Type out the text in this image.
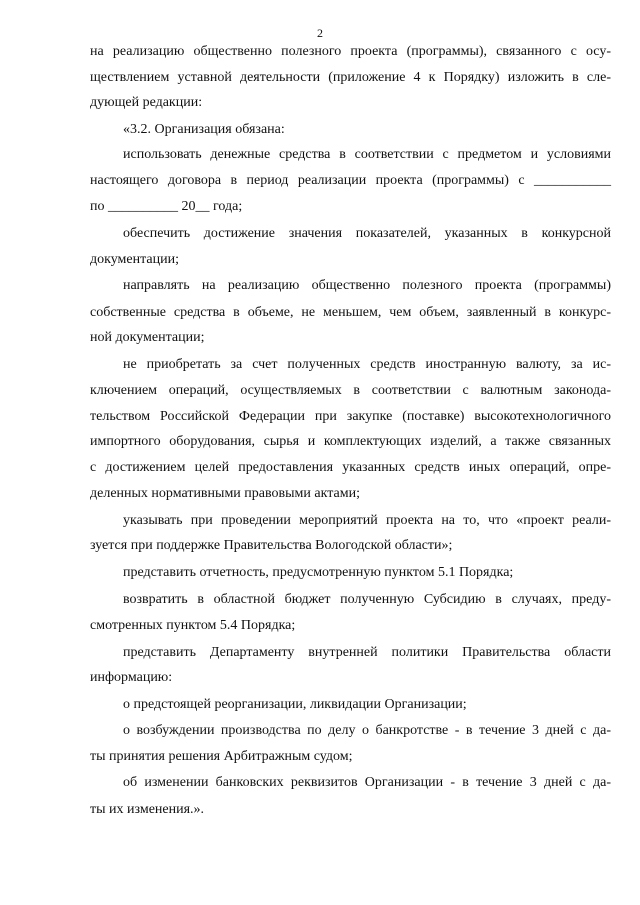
2
на реализацию общественно полезного проекта (программы), связанного с осу-
ществлением уставной деятельности (приложение 4 к Порядку) изложить в сле-
дующей редакции:
«3.2. Организация обязана:
использовать денежные средства в соответствии с предметом и условиями
настоящего договора в период реализации проекта (программы) с ___________
по __________ 20__ года;
обеспечить достижение значения показателей, указанных в конкурсной
документации;
направлять на реализацию общественно полезного проекта (программы)
собственные средства в объеме, не меньшем, чем объем, заявленный в конкурс-
ной документации;
не приобретать за счет полученных средств иностранную валюту, за ис-
ключением операций, осуществляемых в соответствии с валютным законода-
тельством Российской Федерации при закупке (поставке) высокотехнологичного
импортного оборудования, сырья и комплектующих изделий, а также связанных
с достижением целей предоставления указанных средств иных операций, опре-
деленных нормативными правовыми актами;
указывать при проведении мероприятий проекта на то, что «проект реали-
зуется при поддержке Правительства Вологодской области»;
представить отчетность, предусмотренную пунктом 5.1 Порядка;
возвратить в областной бюджет полученную Субсидию в случаях, преду-
смотренных пунктом 5.4 Порядка;
представить Департаменту внутренней политики Правительства области
информацию:
о предстоящей реорганизации, ликвидации Организации;
о возбуждении производства по делу о банкротстве - в течение 3 дней с да-
ты принятия решения Арбитражным судом;
об изменении банковских реквизитов Организации - в течение 3 дней с да-
ты их изменения.».
